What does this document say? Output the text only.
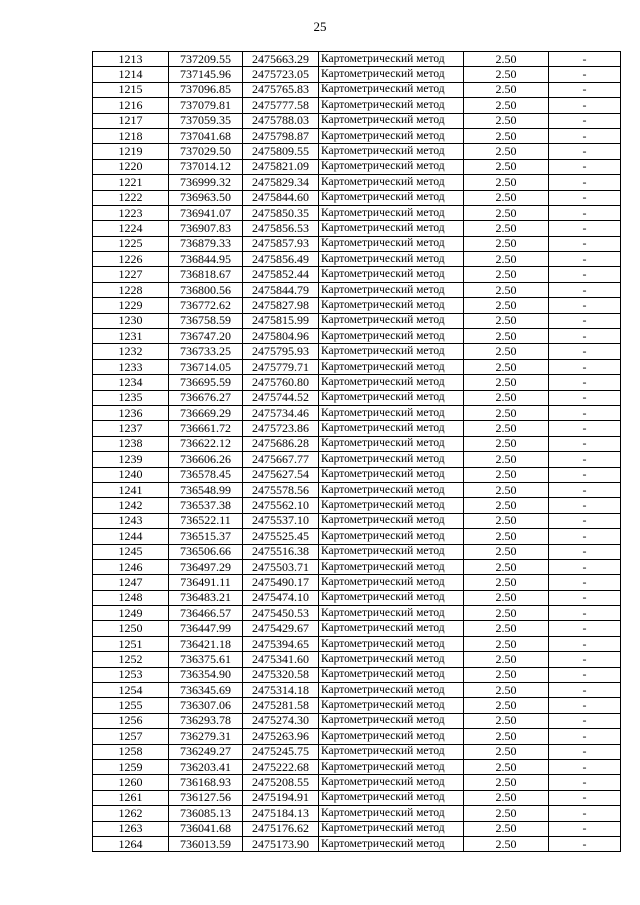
25
1213	737209.55	2475663.29	Картометрический метод	2.50	-
1214	737145.96	2475723.05	Картометрический метод	2.50	-
1215	737096.85	2475765.83	Картометрический метод	2.50	-
1216	737079.81	2475777.58	Картометрический метод	2.50	-
1217	737059.35	2475788.03	Картометрический метод	2.50	-
1218	737041.68	2475798.87	Картометрический метод	2.50	-
1219	737029.50	2475809.55	Картометрический метод	2.50	-
1220	737014.12	2475821.09	Картометрический метод	2.50	-
1221	736999.32	2475829.34	Картометрический метод	2.50	-
1222	736963.50	2475844.60	Картометрический метод	2.50	-
1223	736941.07	2475850.35	Картометрический метод	2.50	-
1224	736907.83	2475856.53	Картометрический метод	2.50	-
1225	736879.33	2475857.93	Картометрический метод	2.50	-
1226	736844.95	2475856.49	Картометрический метод	2.50	-
1227	736818.67	2475852.44	Картометрический метод	2.50	-
1228	736800.56	2475844.79	Картометрический метод	2.50	-
1229	736772.62	2475827.98	Картометрический метод	2.50	-
1230	736758.59	2475815.99	Картометрический метод	2.50	-
1231	736747.20	2475804.96	Картометрический метод	2.50	-
1232	736733.25	2475795.93	Картометрический метод	2.50	-
1233	736714.05	2475779.71	Картометрический метод	2.50	-
1234	736695.59	2475760.80	Картометрический метод	2.50	-
1235	736676.27	2475744.52	Картометрический метод	2.50	-
1236	736669.29	2475734.46	Картометрический метод	2.50	-
1237	736661.72	2475723.86	Картометрический метод	2.50	-
1238	736622.12	2475686.28	Картометрический метод	2.50	-
1239	736606.26	2475667.77	Картометрический метод	2.50	-
1240	736578.45	2475627.54	Картометрический метод	2.50	-
1241	736548.99	2475578.56	Картометрический метод	2.50	-
1242	736537.38	2475562.10	Картометрический метод	2.50	-
1243	736522.11	2475537.10	Картометрический метод	2.50	-
1244	736515.37	2475525.45	Картометрический метод	2.50	-
1245	736506.66	2475516.38	Картометрический метод	2.50	-
1246	736497.29	2475503.71	Картометрический метод	2.50	-
1247	736491.11	2475490.17	Картометрический метод	2.50	-
1248	736483.21	2475474.10	Картометрический метод	2.50	-
1249	736466.57	2475450.53	Картометрический метод	2.50	-
1250	736447.99	2475429.67	Картометрический метод	2.50	-
1251	736421.18	2475394.65	Картометрический метод	2.50	-
1252	736375.61	2475341.60	Картометрический метод	2.50	-
1253	736354.90	2475320.58	Картометрический метод	2.50	-
1254	736345.69	2475314.18	Картометрический метод	2.50	-
1255	736307.06	2475281.58	Картометрический метод	2.50	-
1256	736293.78	2475274.30	Картометрический метод	2.50	-
1257	736279.31	2475263.96	Картометрический метод	2.50	-
1258	736249.27	2475245.75	Картометрический метод	2.50	-
1259	736203.41	2475222.68	Картометрический метод	2.50	-
1260	736168.93	2475208.55	Картометрический метод	2.50	-
1261	736127.56	2475194.91	Картометрический метод	2.50	-
1262	736085.13	2475184.13	Картометрический метод	2.50	-
1263	736041.68	2475176.62	Картометрический метод	2.50	-
1264	736013.59	2475173.90	Картометрический метод	2.50	-
